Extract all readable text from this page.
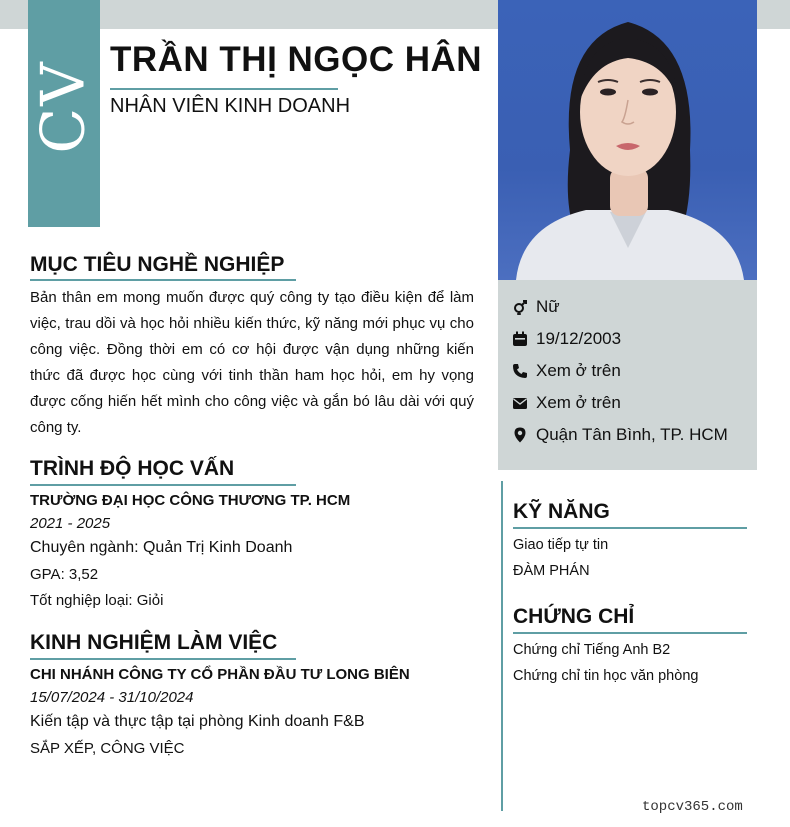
CV
TRẦN THỊ NGỌC HÂN
NHÂN VIÊN KINH DOANH
Nữ
19/12/2003
Xem ở trên
Xem ở trên
Quận Tân Bình, TP. HCM
MỤC TIÊU NGHỀ NGHIỆP
Bản thân em mong muốn được quý công ty tạo điều kiện để làm việc, trau dồi và học hỏi nhiều kiến thức, kỹ năng mới phục vụ cho công việc. Đồng thời em có cơ hội được vận dụng những kiến thức đã được học cùng với tinh thần ham học hỏi, em hy vọng được cống hiến hết mình cho công việc và gắn bó lâu dài với quý công ty.
TRÌNH ĐỘ HỌC VẤN
TRƯỜNG ĐẠI HỌC CÔNG THƯƠNG TP. HCM
2021 - 2025
Chuyên ngành: Quản Trị Kinh Doanh
GPA: 3,52
Tốt nghiệp loại: Giỏi
KINH NGHIỆM LÀM VIỆC
CHI NHÁNH CÔNG TY CỔ PHẦN ĐẦU TƯ LONG BIÊN
15/07/2024 - 31/10/2024
Kiến tập và thực tập tại phòng Kinh doanh F&B
SẮP XẾP, CÔNG VIỆC
KỸ NĂNG
Giao tiếp tự tin
ĐÀM PHÁN
CHỨNG CHỈ
Chứng chỉ Tiếng Anh B2
Chứng chỉ tin học văn phòng
topcv365.com
